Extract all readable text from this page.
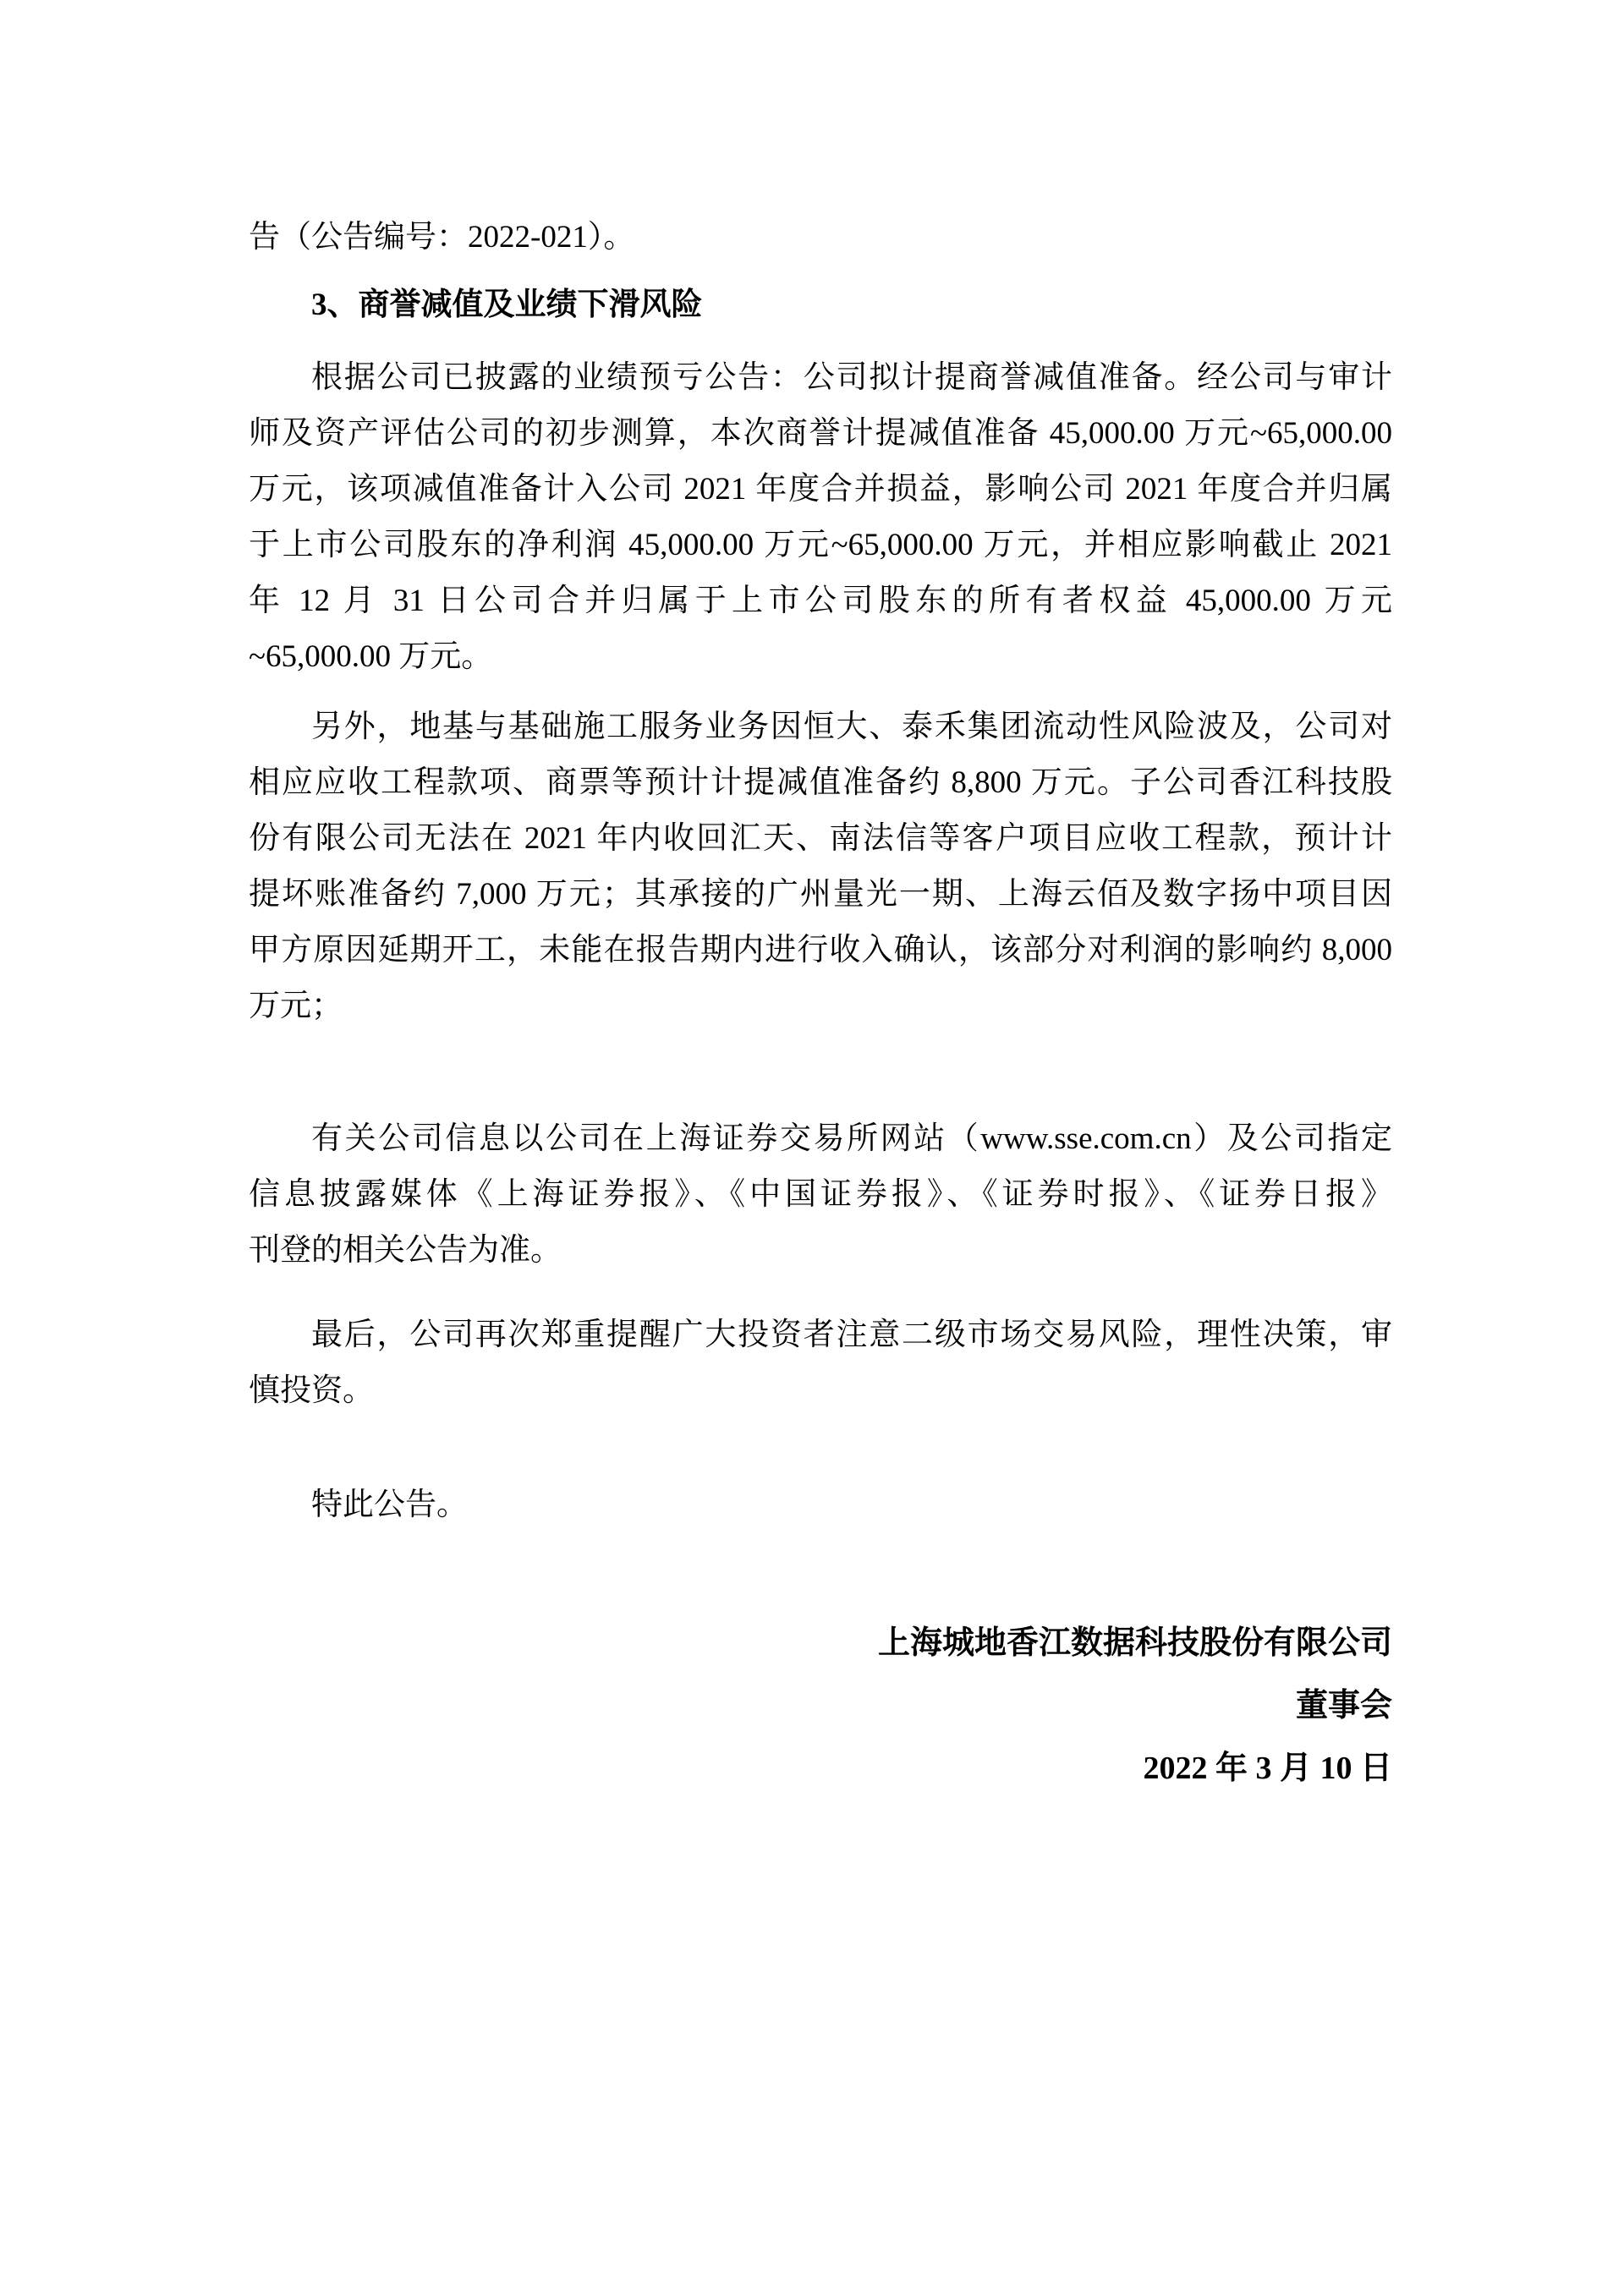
告（公告编号：2022-021）。
3、商誉减值及业绩下滑风险
根据公司已披露的业绩预亏公告：公司拟计提商誉减值准备。经公司与审计
师及资产评估公司的初步测算，本次商誉计提减值准备 45,000.00 万元~65,000.00
万元，该项减值准备计入公司 2021 年度合并损益，影响公司 2021 年度合并归属
于上市公司股东的净利润 45,000.00 万元~65,000.00 万元，并相应影响截止 2021
年 12 月 31 日公司合并归属于上市公司股东的所有者权益 45,000.00 万元
~65,000.00 万元。
另外，地基与基础施工服务业务因恒大、泰禾集团流动性风险波及，公司对
相应应收工程款项、商票等预计计提减值准备约 8,800 万元。子公司香江科技股
份有限公司无法在 2021 年内收回汇天、南法信等客户项目应收工程款，预计计
提坏账准备约 7,000 万元；其承接的广州量光一期、上海云佰及数字扬中项目因
甲方原因延期开工，未能在报告期内进行收入确认，该部分对利润的影响约 8,000
万元；
有关公司信息以公司在上海证券交易所网站（www.sse.com.cn）及公司指定
信息披露媒体《上海证券报》、《中国证券报》、《证券时报》、《证券日报》
刊登的相关公告为准。
最后，公司再次郑重提醒广大投资者注意二级市场交易风险，理性决策，审
慎投资。
特此公告。
上海城地香江数据科技股份有限公司
董事会
2022 年 3 月 10 日
